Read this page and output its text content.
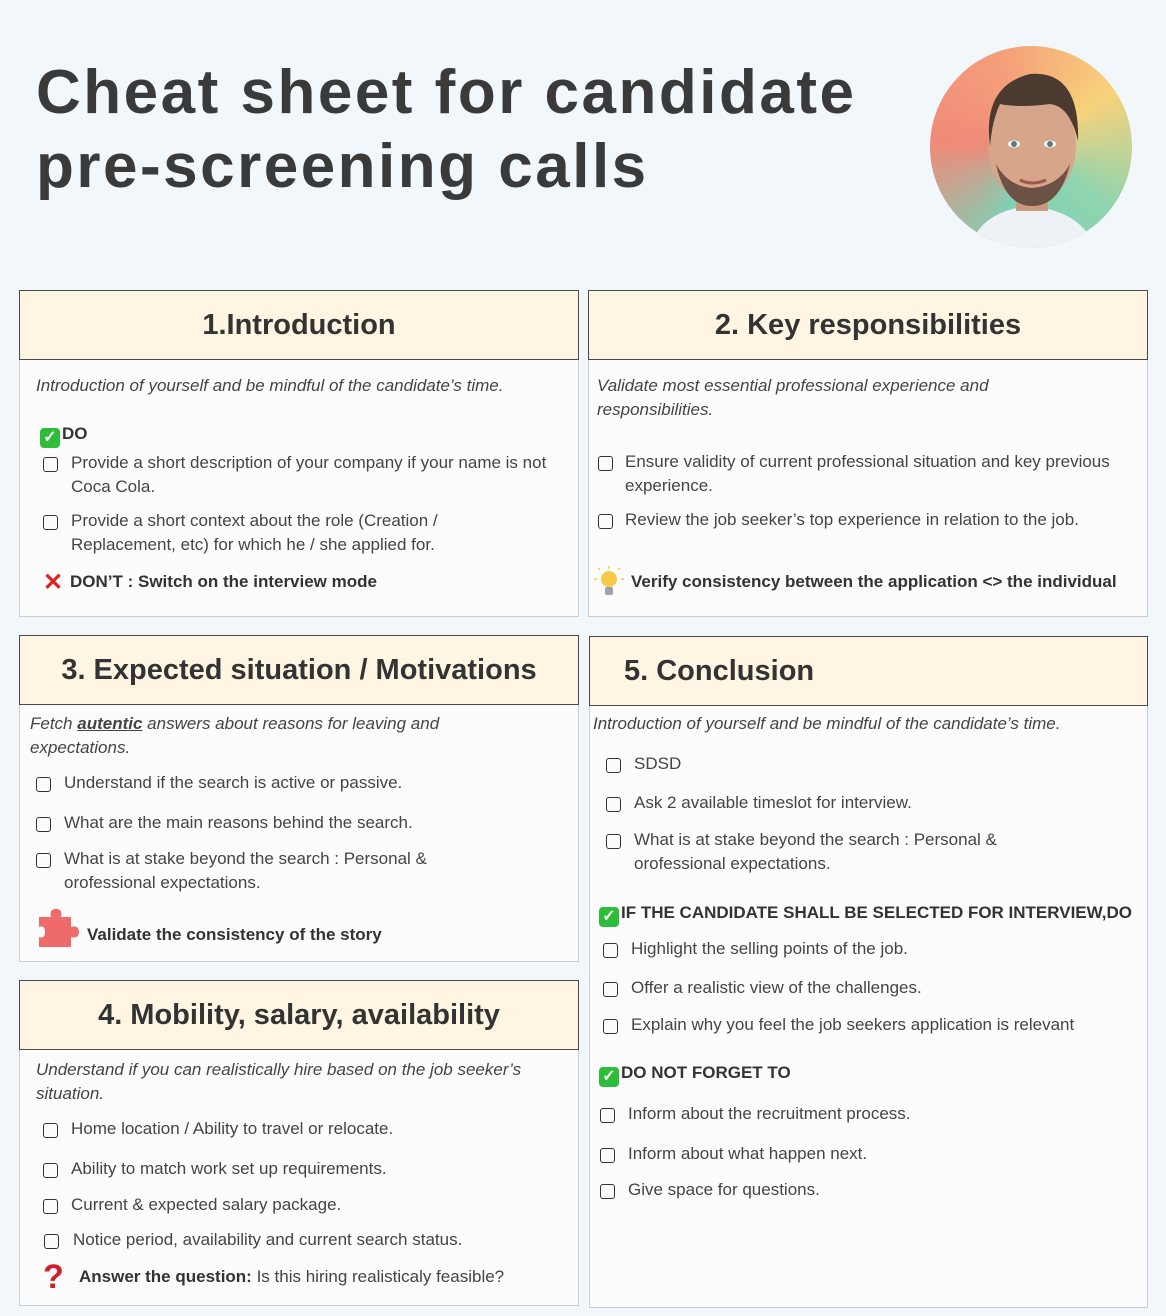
Cheat sheet for candidate
pre-screening calls
1.Introduction
Introduction of yourself and be mindful of the candidate’s time.
✓ DO
Provide a short description of your company if your name is not Coca Cola.
Provide a short context about the role (Creation / Replacement, etc) for which he / she applied for.
✕ DON’T : Switch on the interview mode
2. Key responsibilities
Validate most essential professional experience and responsibilities.
Ensure validity of current professional situation and key previous experience.
Review the job seeker’s top experience in relation to the job.
Verify consistency between the application <> the individual
3. Expected situation / Motivations
Fetch autentic answers about reasons for leaving and expectations.
Understand if the search is active or passive.
What are the main reasons behind the search.
What is at stake beyond the search : Personal & orofessional expectations.
Validate the consistency of the story
4. Mobility, salary, availability
Understand if you can realistically hire based on the job seeker’s situation.
Home location / Ability to travel or relocate.
Ability to match work set up requirements.
Current & expected salary package.
Notice period, availability and current search status.
? Answer the question: Is this hiring realisticaly feasible?
5. Conclusion
Introduction of yourself and be mindful of the candidate’s time.
SDSD
Ask 2 available timeslot for interview.
What is at stake beyond the search : Personal & orofessional expectations.
✓ IF THE CANDIDATE SHALL BE SELECTED FOR INTERVIEW,DO
Highlight the selling points of the job.
Offer a realistic view of the challenges.
Explain why you feel the job seekers application is relevant
✓ DO NOT FORGET TO
Inform about the recruitment process.
Inform about what happen next.
Give space for questions.
